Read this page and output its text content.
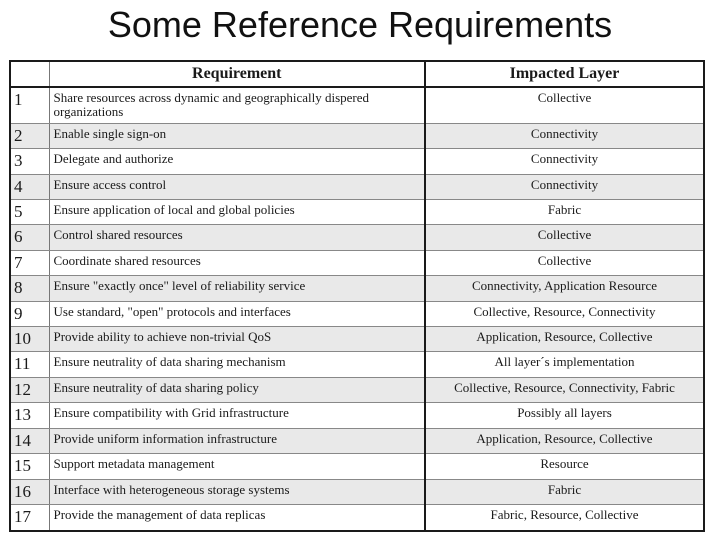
Some Reference Requirements
	Requirement	Impacted Layer
1	Share resources across dynamic and geographically dispered organizations	Collective
2	Enable single sign-on	Connectivity
3	Delegate and authorize	Connectivity
4	Ensure access control	Connectivity
5	Ensure application of local and global policies	Fabric
6	Control shared resources	Collective
7	Coordinate shared resources	Collective
8	Ensure "exactly once" level of reliability service	Connectivity, Application Resource
9	Use standard, "open" protocols and interfaces	Collective, Resource, Connectivity
10	Provide ability to achieve non-trivial QoS	Application, Resource, Collective
11	Ensure neutrality of data sharing mechanism	All layer´s implementation
12	Ensure neutrality of data sharing policy	Collective, Resource, Connectivity, Fabric
13	Ensure compatibility with Grid infrastructure	Possibly all layers
14	Provide uniform information infrastructure	Application, Resource, Collective
15	Support metadata management	Resource
16	Interface with heterogeneous storage systems	Fabric
17	Provide the management of data replicas	Fabric, Resource, Collective
